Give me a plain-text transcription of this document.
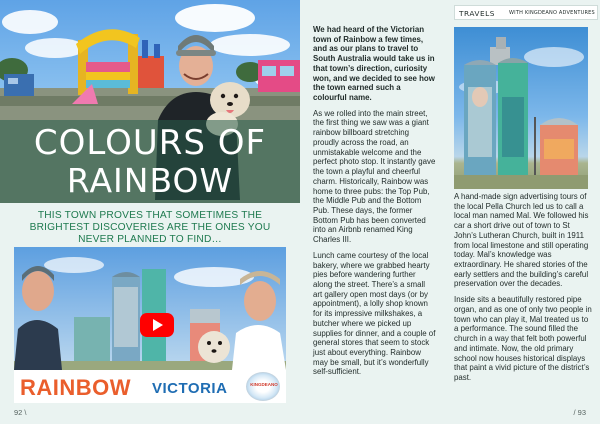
COLOURS OF
RAINBOW

THIS TOWN PROVES THAT SOMETIMES THE BRIGHTEST DISCOVERIES ARE THE ONES YOU NEVER PLANNED TO FIND…

RAINBOW VICTORIA	KINGDEANO
92 \

We had heard of the Victorian town of Rainbow a few times, and as our plans to travel to South Australia would take us in that town’s direction, curiosity won, and we decided to see how the town earned such a colourful name.

As we rolled into the main street, the first thing we saw was a giant rainbow billboard stretching proudly across the road, an unmistakable welcome and the perfect photo stop. It instantly gave the town a playful and cheerful charm. Historically, Rainbow was home to three pubs: the Top Pub, the Middle Pub and the Bottom Pub. These days, the former Bottom Pub has been converted into an Airbnb renamed King Charles III.

Lunch came courtesy of the local bakery, where we grabbed hearty pies before wandering further along the street. There’s a small art gallery open most days (or by appointment), a lolly shop known for its impressive milkshakes, a butcher where we picked up supplies for dinner, and a couple of general stores that seem to stock just about everything. Rainbow may be small, but it’s wonderfully self-sufficient.

TRAVELS	WITH KINGDEANO ADVENTURES

A hand-made sign advertising tours of the local Pella Church led us to call a local man named Mal. We followed his car a short drive out of town to St John’s Lutheran Church, built in 1911 from local limestone and still operating today. Mal’s knowledge was extraordinary. He shared stories of the early settlers and the building’s careful preservation over the decades.

Inside sits a beautifully restored pipe organ, and as one of only two people in town who can play it, Mal treated us to a performance. The sound filled the church in a way that felt both powerful and intimate. Now, the old primary school now houses historical displays that paint a vivid picture of the district’s past.

/ 93
